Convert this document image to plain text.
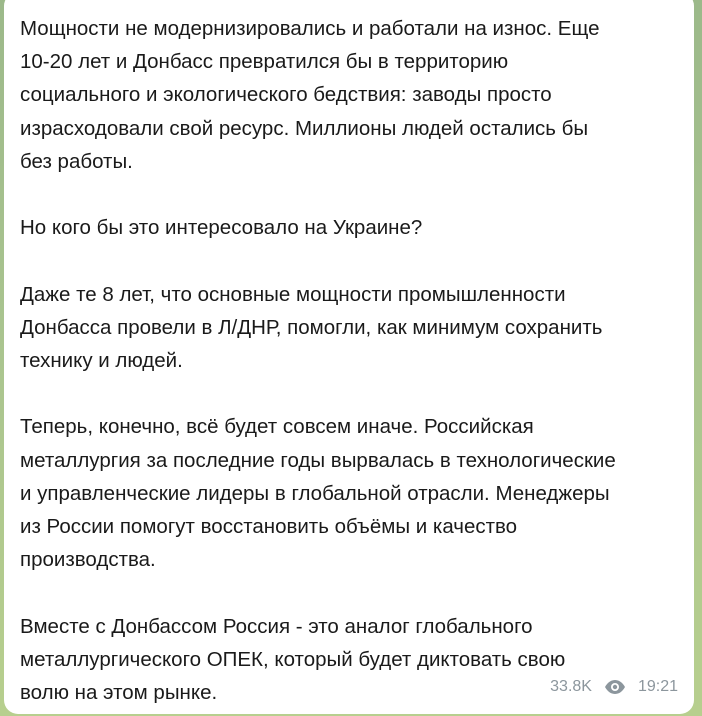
Мощности не модернизировались и работали на износ. Еще
10-20 лет и Донбасс превратился бы в территорию
социального и экологического бедствия: заводы просто
израсходовали свой ресурс. Миллионы людей остались бы
без работы.

Но кого бы это интересовало на Украине?

Даже те 8 лет, что основные мощности промышленности
Донбасса провели в Л/ДНР, помогли, как минимум сохранить
технику и людей.

Теперь, конечно, всё будет совсем иначе. Российская
металлургия за последние годы вырвалась в технологические
и управленческие лидеры в глобальной отрасли. Менеджеры
из России помогут восстановить объёмы и качество
производства.

Вместе с Донбассом Россия - это аналог глобального
металлургического ОПЕК, который будет диктовать свою
волю на этом рынке.	33.8K	19:21
